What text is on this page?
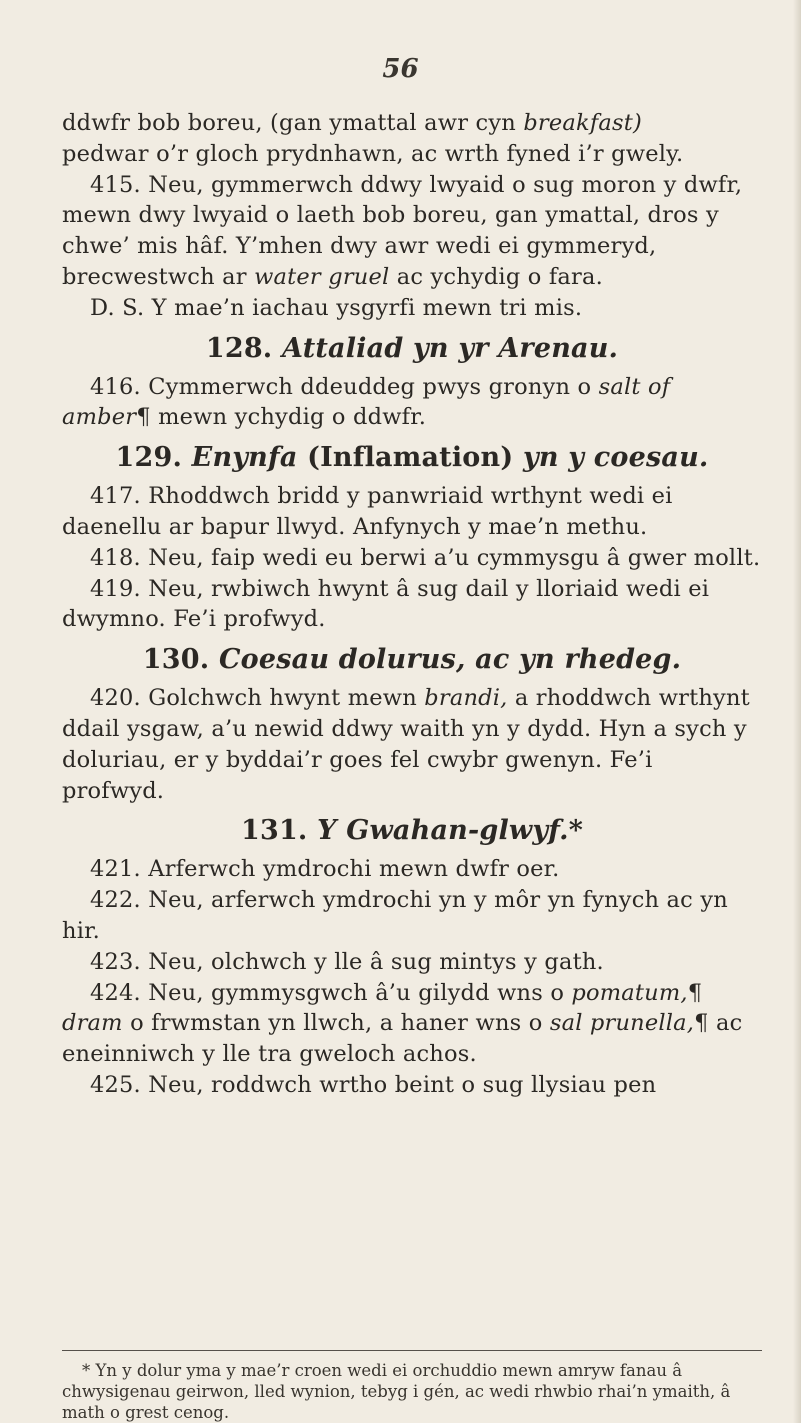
56

ddwfr bob boreu, (gan ymattal awr cyn breakfast)

pedwar o’r gloch prydnhawn, ac wrth fyned i’r gwely.

415. Neu, gymmerwch ddwy lwyaid o sug moron y dwfr, mewn dwy lwyaid o laeth bob boreu, gan ymattal, dros y chwe’ mis hâf. Y’mhen dwy awr wedi ei gymmeryd, brecwestwch ar water gruel ac ychydig o fara.

D. S. Y mae’n iachau ysgyrfi mewn tri mis.

128. Attaliad yn yr Arenau.

416. Cymmerwch ddeuddeg pwys gronyn o salt of amber¶ mewn ychydig o ddwfr.

129. Enynfa (Inflamation) yn y coesau.

417. Rhoddwch bridd y panwriaid wrthynt wedi ei daenellu ar bapur llwyd. Anfynych y mae’n methu.

418. Neu, faip wedi eu berwi a’u cymmysgu â gwer mollt.

419. Neu, rwbiwch hwynt â sug dail y lloriaid wedi ei dwymno. Fe’i profwyd.

130. Coesau dolurus, ac yn rhedeg.

420. Golchwch hwynt mewn brandi, a rhoddwch wrthynt ddail ysgaw, a’u newid ddwy waith yn y dydd. Hyn a sych y doluriau, er y byddai’r goes fel cwybr gwenyn. Fe’i profwyd.

131. Y Gwahan-glwyf.*

421. Arferwch ymdrochi mewn dwfr oer.

422. Neu, arferwch ymdrochi yn y môr yn fynych ac yn hir.

423. Neu, olchwch y lle â sug mintys y gath.

424. Neu, gymmysgwch â’u gilydd wns o pomatum,¶ dram o frwmstan yn llwch, a haner wns o sal prunella,¶ ac eneinniwch y lle tra gweloch achos.

425. Neu, roddwch wrtho beint o sug llysiau pen

* Yn y dolur yma y mae’r croen wedi ei orchuddio mewn amryw fanau â chwysigenau geirwon, lled wynion, tebyg i gén, ac wedi rhwbio rhai’n ymaith, â math o grest cenog.
